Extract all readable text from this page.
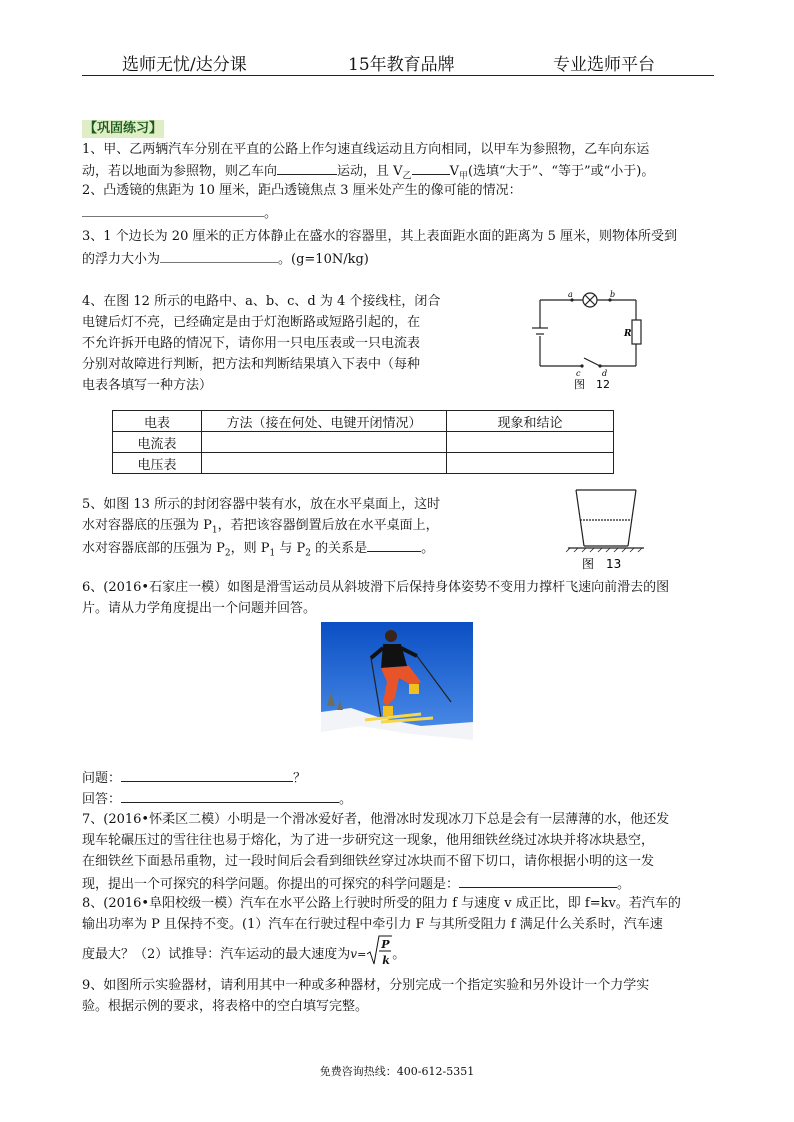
选师无忧/达分课	15年教育品牌	专业选师平台
【巩固练习】
1、甲、乙两辆汽车分别在平直的公路上作匀速直线运动且方向相同，以甲车为参照物，乙车向东运
动，若以地面为参照物，则乙车向	运动，且 $V_乙$	$V_甲$(选填“大于”、“等于”或“小于)。
2、凸透镜的焦距为 10 厘米，距凸透镜焦点 3 厘米处产生的像可能的情况：
。
3、1 个边长为 20 厘米的正方体静止在盛水的容器里，其上表面距水面的距离为 5 厘米，则物体所受到
的浮力大小为	。(g=10N/kg)
4、在图 12 所示的电路中、a、b、c、d 为 4 个接线柱，闭合
电键后灯不亮，已经确定是由于灯泡断路或短路引起的，在
不允许拆开电路的情况下，请你用一只电压表或一只电流表
分别对故障进行判断，把方法和判断结果填入下表中（每种
电表各填写一种方法）
a	b
c	d
R
图　12
电表	方法（接在何处、电键开闭情况）	现象和结论
电流表		
电压表		
5、如图 13 所示的封闭容器中装有水，放在水平桌面上，这时
水对容器底的压强为 $P_1$，若把该容器倒置后放在水平桌面上，
水对容器底部的压强为 $P_2$，则 $P_1$ 与 $P_2$ 的关系是	。
图　13
6、(2016•石家庄一模）如图是滑雪运动员从斜坡滑下后保持身体姿势不变用力撑杆飞速向前滑去的图
片。请从力学角度提出一个问题并回答。
问题：	？
回答：	。
7、(2016•怀柔区二模）小明是一个滑冰爱好者，他滑冰时发现冰刀下总是会有一层薄薄的水，他还发
现车轮碾压过的雪往往也易于熔化，为了进一步研究这一现象，他用细铁丝绕过冰块并将冰块悬空，
在细铁丝下面悬吊重物，过一段时间后会看到细铁丝穿过冰块而不留下切口，请你根据小明的这一发
现，提出一个可探究的科学问题。你提出的可探究的科学问题是：	。
8、(2016•阜阳校级一模）汽车在水平公路上行驶时所受的阻力 f 与速度 v 成正比，即 f=kv。若汽车的
输出功率为 P 且保持不变。(1）汽车在行驶过程中牵引力 F 与其所受阻力 f 满足什么关系时，汽车速
度最大？（2）试推导：汽车运动的最大速度为v=
P
k 。
9、如图所示实验器材，请利用其中一种或多种器材，分别完成一个指定实验和另外设计一个力学实
验。根据示例的要求，将表格中的空白填写完整。
免费咨询热线：400-612-5351
